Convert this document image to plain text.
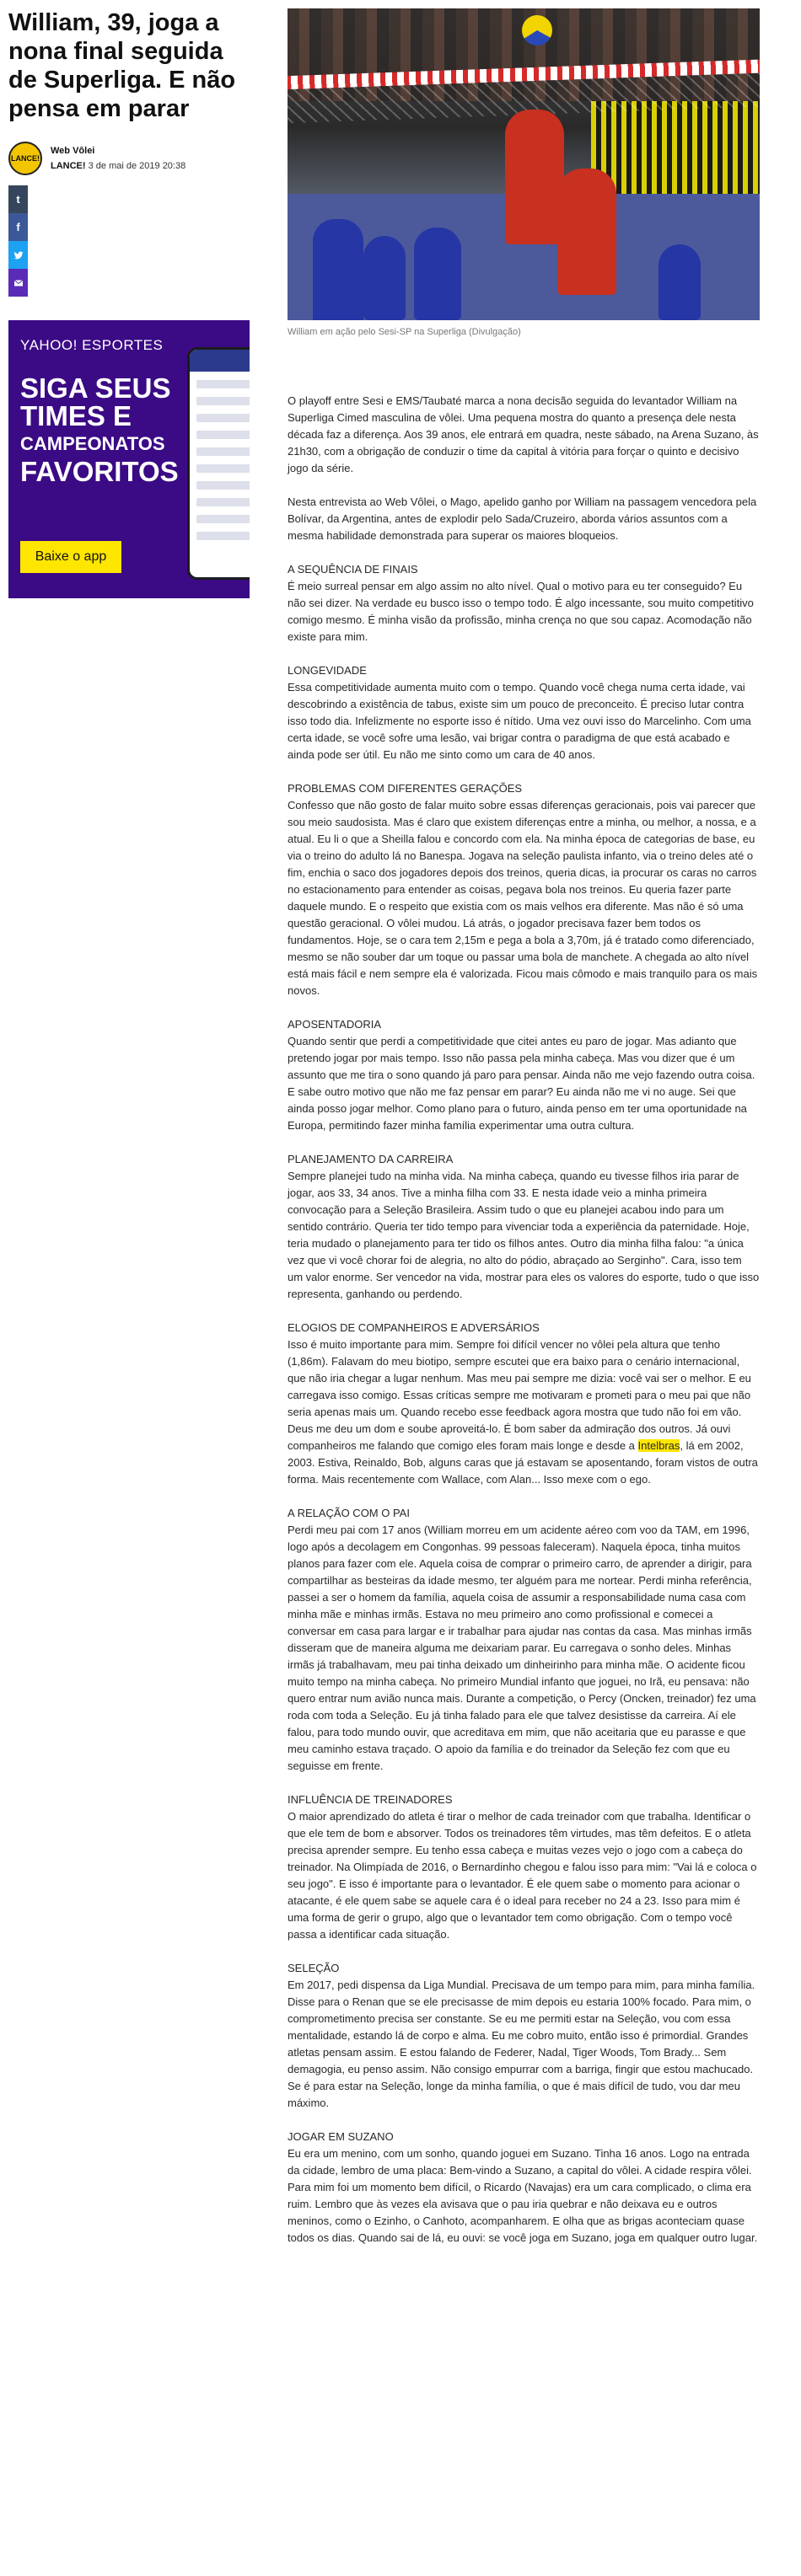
William, 39, joga a nona final seguida de Superliga. E não pensa em parar
LANCE!
Web Vôlei
LANCE! 3 de mai de 2019 20:38
t
f
YAHOO! ESPORTES
SIGA SEUS
TIMES E
CAMPEONATOS
FAVORITOS
Baixe o app
William em ação pelo Sesi-SP na Superliga (Divulgação)

O playoff entre Sesi e EMS/Taubaté marca a nona decisão seguida do levantador William na Superliga Cimed masculina de vôlei. Uma pequena mostra do quanto a presença dele nesta década faz a diferença. Aos 39 anos, ele entrará em quadra, neste sábado, na Arena Suzano, às 21h30, com a obrigação de conduzir o time da capital à vitória para forçar o quinto e decisivo jogo da série.

Nesta entrevista ao Web Vôlei, o Mago, apelido ganho por William na passagem vencedora pela Bolívar, da Argentina, antes de explodir pelo Sada/Cruzeiro, aborda vários assuntos com a mesma habilidade demonstrada para superar os maiores bloqueios.

A SEQUÊNCIA DE FINAIS
É meio surreal pensar em algo assim no alto nível. Qual o motivo para eu ter conseguido? Eu não sei dizer. Na verdade eu busco isso o tempo todo. É algo incessante, sou muito competitivo comigo mesmo. É minha visão da profissão, minha crença no que sou capaz. Acomodação não existe para mim.
LONGEVIDADE
Essa competitividade aumenta muito com o tempo. Quando você chega numa certa idade, vai descobrindo a existência de tabus, existe sim um pouco de preconceito. É preciso lutar contra isso todo dia. Infelizmente no esporte isso é nítido. Uma vez ouvi isso do Marcelinho. Com uma certa idade, se você sofre uma lesão, vai brigar contra o paradigma de que está acabado e ainda pode ser útil. Eu não me sinto como um cara de 40 anos.
PROBLEMAS COM DIFERENTES GERAÇÕES
Confesso que não gosto de falar muito sobre essas diferenças geracionais, pois vai parecer que sou meio saudosista. Mas é claro que existem diferenças entre a minha, ou melhor, a nossa, e a atual. Eu li o que a Sheilla falou e concordo com ela. Na minha época de categorias de base, eu via o treino do adulto lá no Banespa. Jogava na seleção paulista infanto, via o treino deles até o fim, enchia o saco dos jogadores depois dos treinos, queria dicas, ia procurar os caras no carros no estacionamento para entender as coisas, pegava bola nos treinos. Eu queria fazer parte daquele mundo. E o respeito que existia com os mais velhos era diferente. Mas não é só uma questão geracional. O vôlei mudou. Lá atrás, o jogador precisava fazer bem todos os fundamentos. Hoje, se o cara tem 2,15m e pega a bola a 3,70m, já é tratado como diferenciado, mesmo se não souber dar um toque ou passar uma bola de manchete. A chegada ao alto nível está mais fácil e nem sempre ela é valorizada. Ficou mais cômodo e mais tranquilo para os mais novos.
APOSENTADORIA
Quando sentir que perdi a competitividade que citei antes eu paro de jogar. Mas adianto que pretendo jogar por mais tempo. Isso não passa pela minha cabeça. Mas vou dizer que é um assunto que me tira o sono quando já paro para pensar. Ainda não me vejo fazendo outra coisa. E sabe outro motivo que não me faz pensar em parar? Eu ainda não me vi no auge. Sei que ainda posso jogar melhor. Como plano para o futuro, ainda penso em ter uma oportunidade na Europa, permitindo fazer minha família experimentar uma outra cultura.
PLANEJAMENTO DA CARREIRA
Sempre planejei tudo na minha vida. Na minha cabeça, quando eu tivesse filhos iria parar de jogar, aos 33, 34 anos. Tive a minha filha com 33. E nesta idade veio a minha primeira convocação para a Seleção Brasileira. Assim tudo o que eu planejei acabou indo para um sentido contrário. Queria ter tido tempo para vivenciar toda a experiência da paternidade. Hoje, teria mudado o planejamento para ter tido os filhos antes. Outro dia minha filha falou: "a única vez que vi você chorar foi de alegria, no alto do pódio, abraçado ao Serginho". Cara, isso tem um valor enorme. Ser vencedor na vida, mostrar para eles os valores do esporte, tudo o que isso representa, ganhando ou perdendo.
ELOGIOS DE COMPANHEIROS E ADVERSÁRIOS
Isso é muito importante para mim. Sempre foi difícil vencer no vôlei pela altura que tenho (1,86m). Falavam do meu biotipo, sempre escutei que era baixo para o cenário internacional, que não iria chegar a lugar nenhum. Mas meu pai sempre me dizia: você vai ser o melhor. E eu carregava isso comigo. Essas críticas sempre me motivaram e prometi para o meu pai que não seria apenas mais um. Quando recebo esse feedback agora mostra que tudo não foi em vão. Deus me deu um dom e soube aproveitá-lo. É bom saber da admiração dos outros. Já ouvi companheiros me falando que comigo eles foram mais longe e desde a Intelbras, lá em 2002, 2003. Estiva, Reinaldo, Bob, alguns caras que já estavam se aposentando, foram vistos de outra forma. Mais recentemente com Wallace, com Alan... Isso mexe com o ego.
A RELAÇÃO COM O PAI
Perdi meu pai com 17 anos (William morreu em um acidente aéreo com voo da TAM, em 1996, logo após a decolagem em Congonhas. 99 pessoas faleceram). Naquela época, tinha muitos planos para fazer com ele. Aquela coisa de comprar o primeiro carro, de aprender a dirigir, para compartilhar as besteiras da idade mesmo, ter alguém para me nortear. Perdi minha referência, passei a ser o homem da família, aquela coisa de assumir a responsabilidade numa casa com minha mãe e minhas irmãs. Estava no meu primeiro ano como profissional e comecei a conversar em casa para largar e ir trabalhar para ajudar nas contas da casa. Mas minhas irmãs disseram que de maneira alguma me deixariam parar. Eu carregava o sonho deles. Minhas irmãs já trabalhavam, meu pai tinha deixado um dinheirinho para minha mãe. O acidente ficou muito tempo na minha cabeça. No primeiro Mundial infanto que joguei, no Irã, eu pensava: não quero entrar num avião nunca mais. Durante a competição, o Percy (Oncken, treinador) fez uma roda com toda a Seleção. Eu já tinha falado para ele que talvez desistisse da carreira. Aí ele falou, para todo mundo ouvir, que acreditava em mim, que não aceitaria que eu parasse e que meu caminho estava traçado. O apoio da família e do treinador da Seleção fez com que eu seguisse em frente.
INFLUÊNCIA DE TREINADORES
O maior aprendizado do atleta é tirar o melhor de cada treinador com que trabalha. Identificar o que ele tem de bom e absorver. Todos os treinadores têm virtudes, mas têm defeitos. E o atleta precisa aprender sempre. Eu tenho essa cabeça e muitas vezes vejo o jogo com a cabeça do treinador. Na Olimpíada de 2016, o Bernardinho chegou e falou isso para mim: "Vai lá e coloca o seu jogo". E isso é importante para o levantador. É ele quem sabe o momento para acionar o atacante, é ele quem sabe se aquele cara é o ideal para receber no 24 a 23. Isso para mim é uma forma de gerir o grupo, algo que o levantador tem como obrigação. Com o tempo você passa a identificar cada situação.
SELEÇÃO
Em 2017, pedi dispensa da Liga Mundial. Precisava de um tempo para mim, para minha família. Disse para o Renan que se ele precisasse de mim depois eu estaria 100% focado. Para mim, o comprometimento precisa ser constante. Se eu me permiti estar na Seleção, vou com essa mentalidade, estando lá de corpo e alma. Eu me cobro muito, então isso é primordial. Grandes atletas pensam assim. E estou falando de Federer, Nadal, Tiger Woods, Tom Brady... Sem demagogia, eu penso assim. Não consigo empurrar com a barriga, fingir que estou machucado. Se é para estar na Seleção, longe da minha família, o que é mais difícil de tudo, vou dar meu máximo.
JOGAR EM SUZANO
Eu era um menino, com um sonho, quando joguei em Suzano. Tinha 16 anos. Logo na entrada da cidade, lembro de uma placa: Bem-vindo a Suzano, a capital do vôlei. A cidade respira vôlei. Para mim foi um momento bem difícil, o Ricardo (Navajas) era um cara complicado, o clima era ruim. Lembro que às vezes ela avisava que o pau iria quebrar e não deixava eu e outros meninos, como o Ezinho, o Canhoto, acompanharem. E olha que as brigas aconteciam quase todos os dias. Quando sai de lá, eu ouvi: se você joga em Suzano, joga em qualquer outro lugar.
